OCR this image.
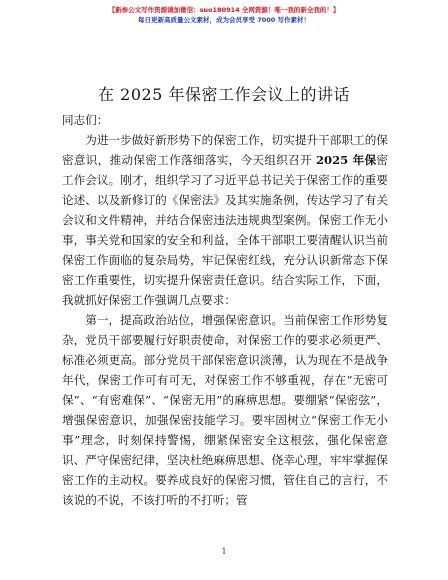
【新参公文写作资源请加微信：suo180914 全网资源！唯一我的新全我的！】
每日更新高质量公文素材，成为会员享受 7000 写作素材！
在 2025 年保密工作会议上的讲话

同志们：

为进一步做好新形势下的保密工作，切实提升干部职工的保密意识，推动保密工作落细落实，今天组织召开 2025 年保密工作会议。刚才，组织学习了习近平总书记关于保密工作的重要论述、以及新修订的《保密法》及其实施条例，传达学习了有关会议和文件精神，并结合保密违法违规典型案例。保密工作无小事，事关党和国家的安全和利益，全体干部职工要清醒认识当前保密工作面临的复杂局势，牢记保密红线，充分认识新常态下保密工作重要性，切实提升保密责任意识。结合实际工作，下面，我就抓好保密工作强调几点要求：

第一，提高政治站位，增强保密意识。当前保密工作形势复杂，党员干部要履行好职责使命，对保密工作的要求必须更严、标准必须更高。部分党员干部保密意识淡薄，认为现在不是战争年代，保密工作可有可无，对保密工作不够重视，存在“无密可保”、“有密难保”、“保密无用”的麻痹思想。要绷紧“保密弦”，增强保密意识，加强保密技能学习。要牢固树立“保密工作无小事”理念，时刻保持警惕，绷紧保密安全这根弦，强化保密意识、严守保密纪律，坚决杜绝麻痹思想、侥幸心理，牢牢掌握保密工作的主动权。要养成良好的保密习惯，管住自己的言行，不该说的不说，不该打听的不打听；管

1
